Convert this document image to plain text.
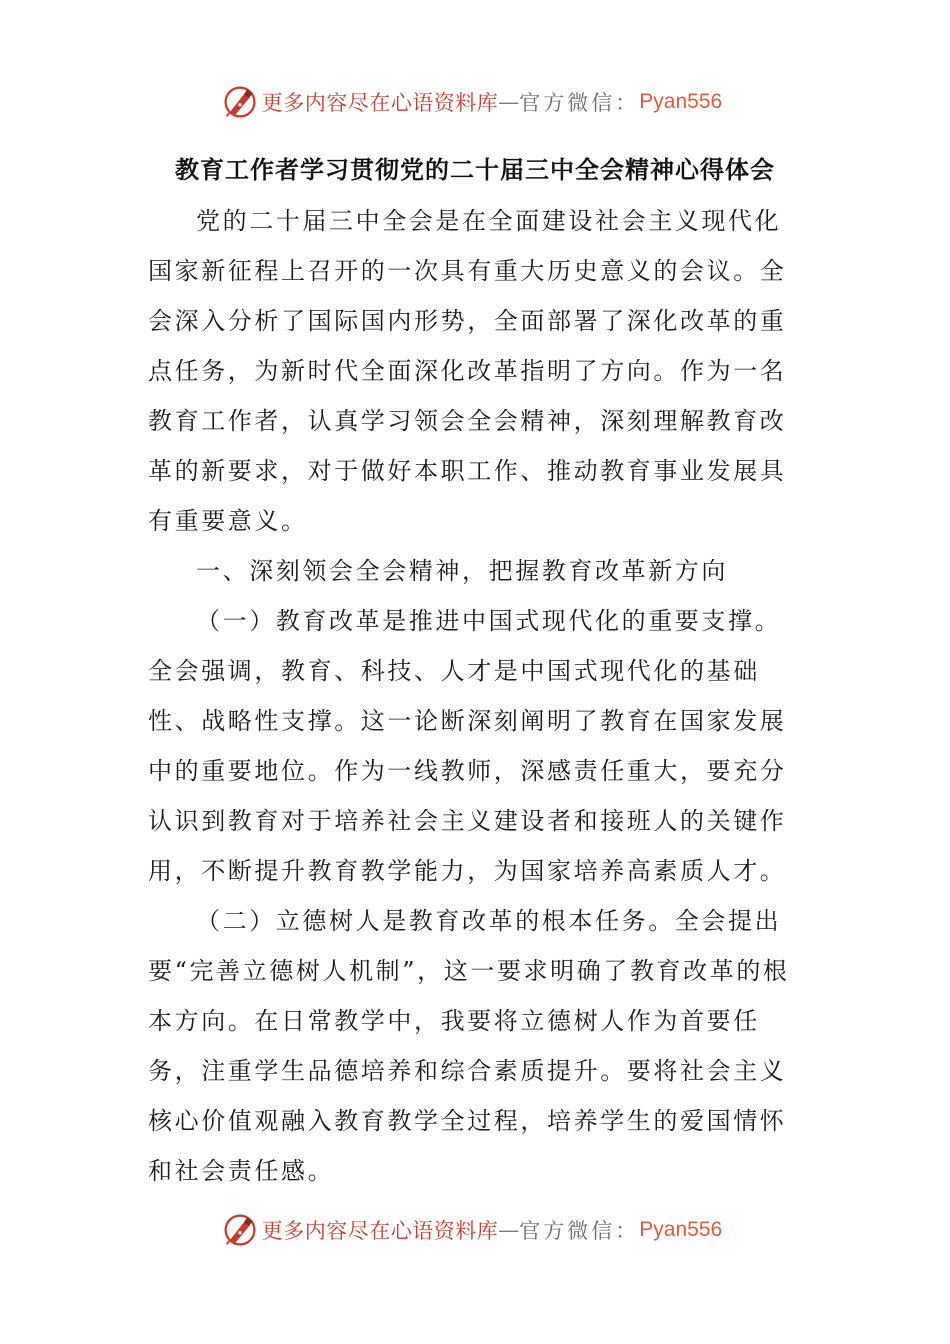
更多内容尽在心语资料库 — 官方微信： Pyan556
教育工作者学习贯彻党的二十届三中全会精神心得体会

党的二十届三中全会是在全面建设社会主义现代化国家新征程上召开的一次具有重大历史意义的会议。全会深入分析了国际国内形势，全面部署了深化改革的重点任务，为新时代全面深化改革指明了方向。作为一名教育工作者，认真学习领会全会精神，深刻理解教育改革的新要求，对于做好本职工作、推动教育事业发展具有重要意义。

一、深刻领会全会精神，把握教育改革新方向

（一）教育改革是推进中国式现代化的重要支撑。全会强调，教育、科技、人才是中国式现代化的基础性、战略性支撑。这一论断深刻阐明了教育在国家发展中的重要地位。作为一线教师，深感责任重大，要充分认识到教育对于培养社会主义建设者和接班人的关键作用，不断提升教育教学能力，为国家培养高素质人才。

（二）立德树人是教育改革的根本任务。全会提出要“完善立德树人机制”，这一要求明确了教育改革的根本方向。在日常教学中，我要将立德树人作为首要任务，注重学生品德培养和综合素质提升。要将社会主义核心价值观融入教育教学全过程，培养学生的爱国情怀和社会责任感。

更多内容尽在心语资料库 — 官方微信： Pyan556
